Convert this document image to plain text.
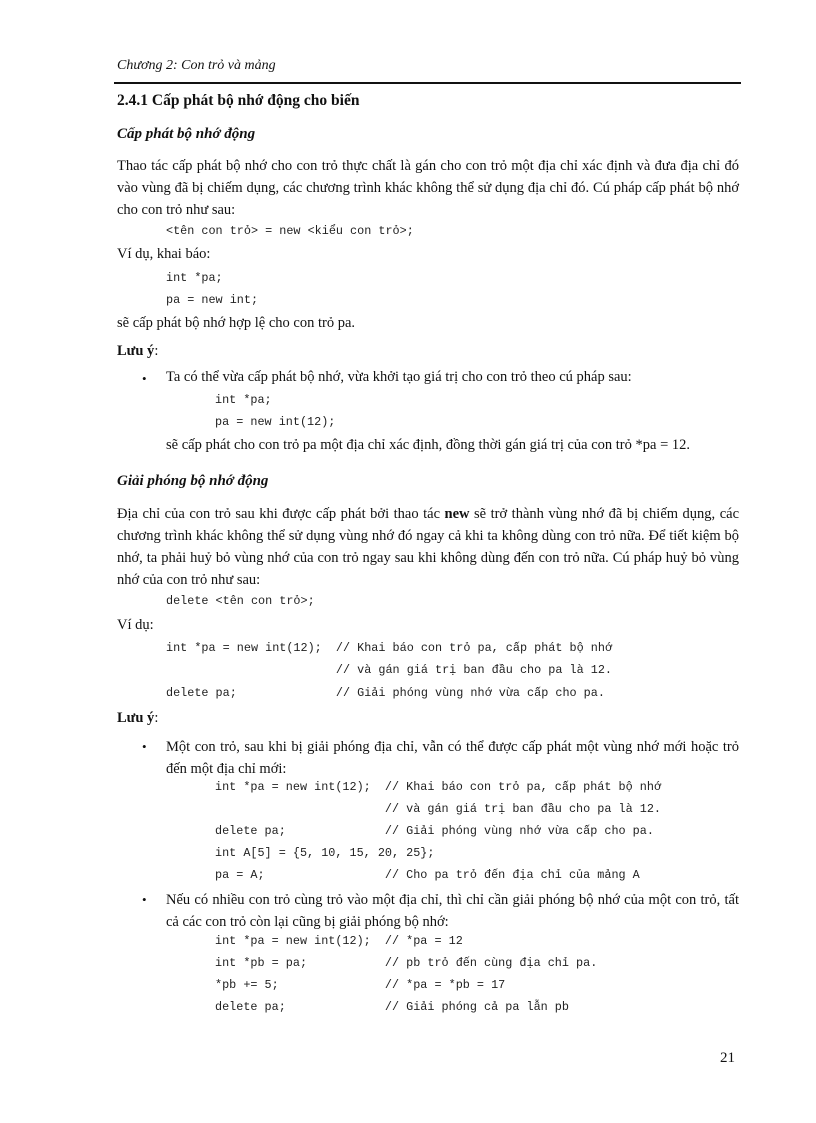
Chương 2: Con trỏ và mảng
2.4.1 Cấp phát bộ nhớ động cho biến
Cấp phát bộ nhớ động
Thao tác cấp phát bộ nhớ cho con trỏ thực chất là gán cho con trỏ một địa chỉ xác định và đưa địa chỉ đó vào vùng đã bị chiếm dụng, các chương trình khác không thể sử dụng địa chỉ đó. Cú pháp cấp phát bộ nhớ cho con trỏ như sau:
<tên con trỏ> = new <kiểu con trỏ>;
Ví dụ, khai báo:
int *pa;
pa = new int;
sẽ cấp phát bộ nhớ hợp lệ cho con trỏ pa.
Lưu ý:
• Ta có thể vừa cấp phát bộ nhớ, vừa khởi tạo giá trị cho con trỏ theo cú pháp sau:
int *pa;
pa = new int(12);
sẽ cấp phát cho con trỏ pa một địa chỉ xác định, đồng thời gán giá trị của con trỏ *pa = 12.
Giải phóng bộ nhớ động
Địa chỉ của con trỏ sau khi được cấp phát bởi thao tác new sẽ trở thành vùng nhớ đã bị chiếm dụng, các chương trình khác không thể sử dụng vùng nhớ đó ngay cả khi ta không dùng con trỏ nữa. Để tiết kiệm bộ nhớ, ta phải huỷ bỏ vùng nhớ của con trỏ ngay sau khi không dùng đến con trỏ nữa. Cú pháp huỷ bỏ vùng nhớ của con trỏ như sau:
delete <tên con trỏ>;
Ví dụ:
int *pa = new int(12);  // Khai báo con trỏ pa, cấp phát bộ nhớ
// và gán giá trị ban đầu cho pa là 12.
delete pa;              // Giải phóng vùng nhớ vừa cấp cho pa.
Lưu ý:
• Một con trỏ, sau khi bị giải phóng địa chỉ, vẫn có thể được cấp phát một vùng nhớ mới hoặc trỏ đến một địa chỉ mới:
int *pa = new int(12);  // Khai báo con trỏ pa, cấp phát bộ nhớ
// và gán giá trị ban đầu cho pa là 12.
delete pa;              // Giải phóng vùng nhớ vừa cấp cho pa.
int A[5] = {5, 10, 15, 20, 25};
pa = A;                 // Cho pa trỏ đến địa chỉ của mảng A
• Nếu có nhiều con trỏ cùng trỏ vào một địa chỉ, thì chỉ cần giải phóng bộ nhớ của một con trỏ, tất cả các con trỏ còn lại cũng bị giải phóng bộ nhớ:
int *pa = new int(12);  // *pa = 12
int *pb = pa;           // pb trỏ đến cùng địa chỉ pa.
*pb += 5;               // *pa = *pb = 17
delete pa;              // Giải phóng cả pa lẫn pb
21
